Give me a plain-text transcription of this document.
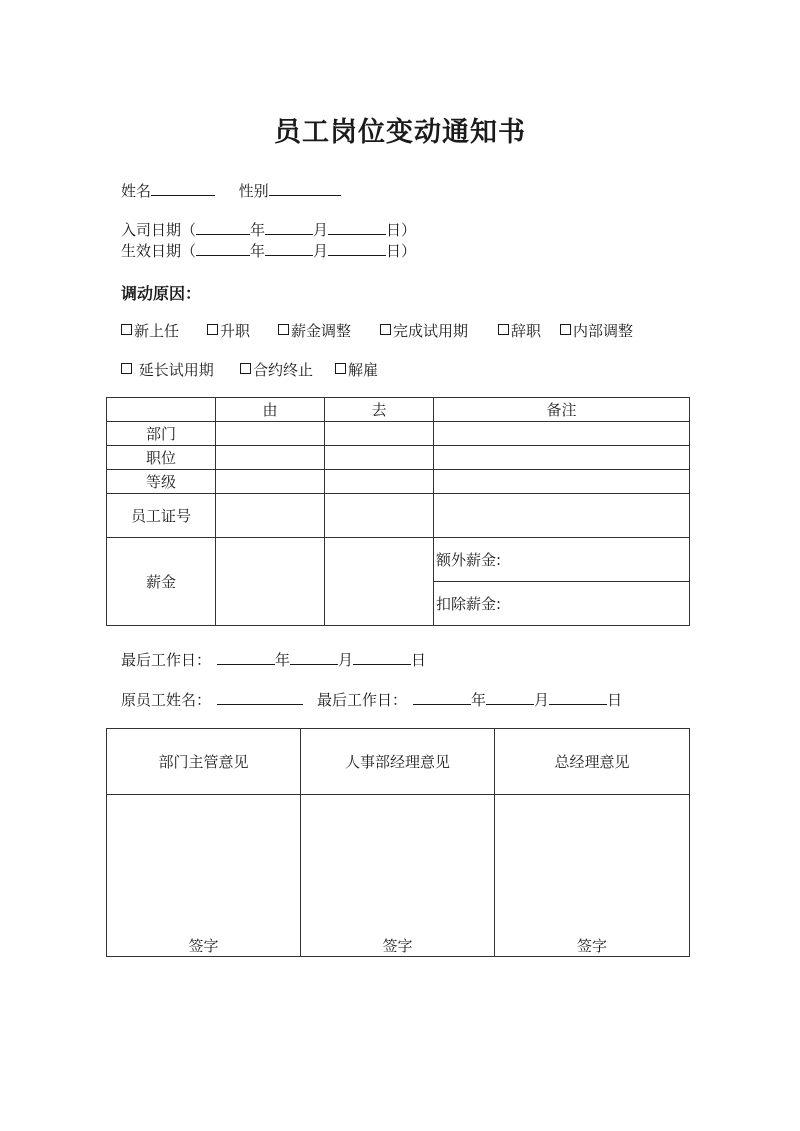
员工岗位变动通知书
姓名	性别
入司日期（	年	月	日）
生效日期（	年	月	日）
调动原因：
新上任	升职	薪金调整	完成试用期	辞职 内部调整
延长试用期	合约终止 解雇
	由	去	备注
部门			
职位			
等级			
员工证号			
薪金			额外薪金:
			扣除薪金:
最后工作日：	年	月	日
原员工姓名：	最后工作日：	年	月	日
部门主管意见	人事部经理意见	总经理意见

签字	签字	签字
